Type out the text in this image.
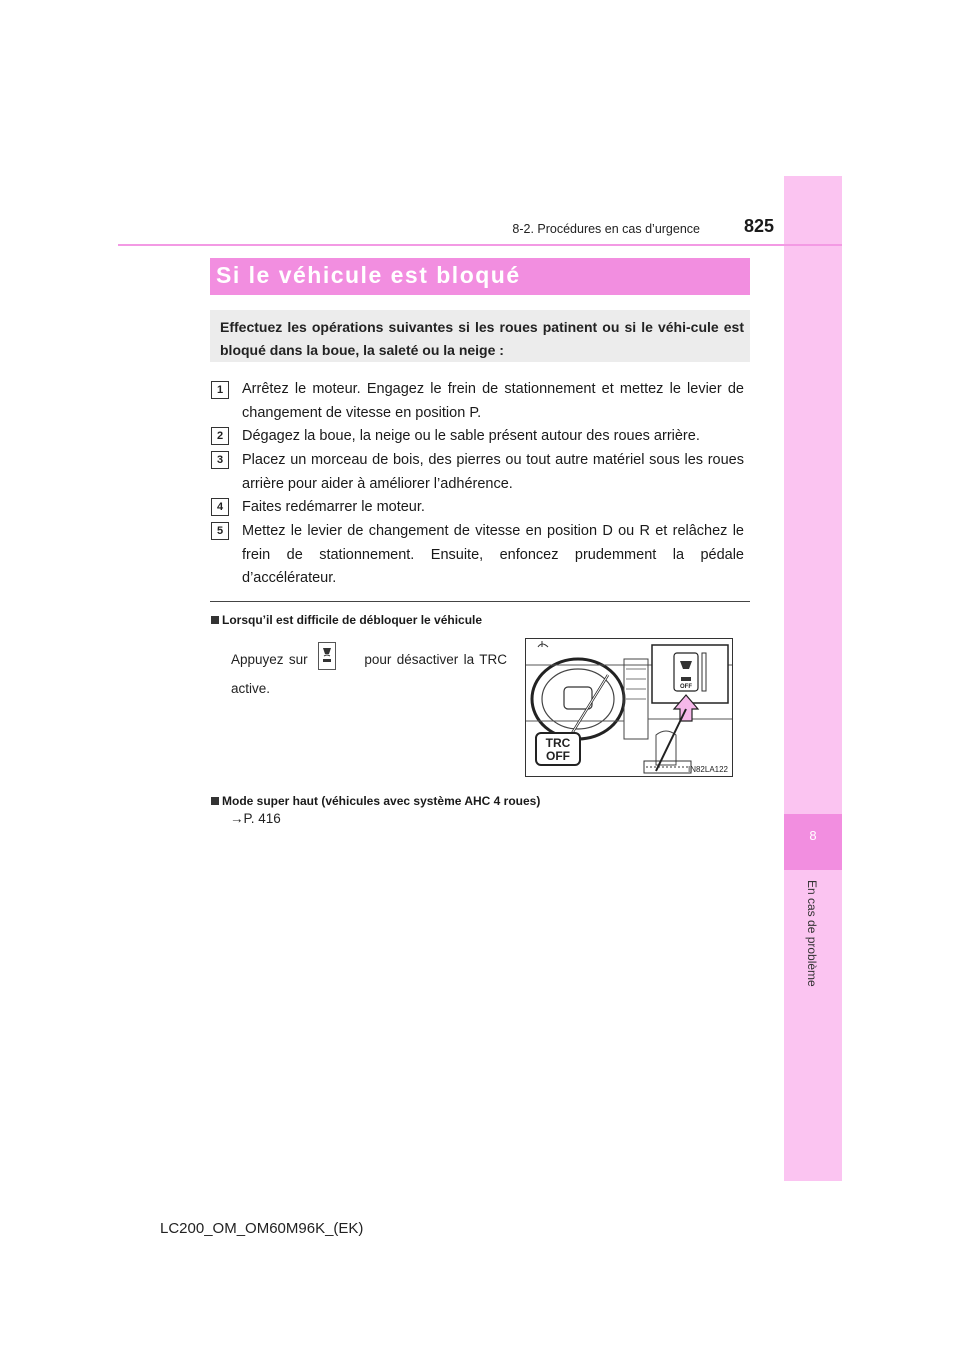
8
En cas de problème
8-2. Procédures en cas d’urgence	825
Si le véhicule est bloqué
Effectuez les opérations suivantes si les roues patinent ou si le véhi-cule est bloqué dans la boue, la saleté ou la neige :
1	Arrêtez le moteur. Engagez le frein de stationnement et mettez le levier de changement de vitesse en position P.
2	Dégagez la boue, la neige ou le sable présent autour des roues arrière.
3	Placez un morceau de bois, des pierres ou tout autre matériel sous les roues arrière pour aider à améliorer l’adhérence.
4	Faites redémarrer le moteur.
5	Mettez le levier de changement de vitesse en position D ou R et relâchez le frein de stationnement. Ensuite, enfoncez prudemment la pédale d’accélérateur.
Lorsqu’il est difficile de débloquer le véhicule
Appuyez sur	pour désactiver la TRC active.	OFF
TRC
OFF
IN82LA122
Mode super haut (véhicules avec système AHC 4 roues)
→P. 416
LC200_OM_OM60M96K_(EK)
